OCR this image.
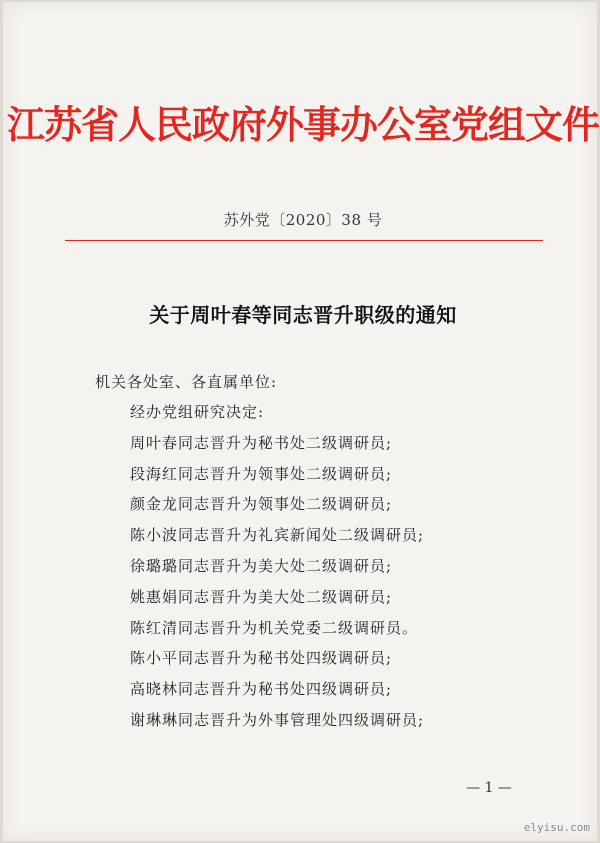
江苏省人民政府外事办公室党组文件
苏外党〔2020〕38 号
关于周叶春等同志晋升职级的通知
机关各处室、各直属单位:
经办党组研究决定:
周叶春同志晋升为秘书处二级调研员;
段海红同志晋升为领事处二级调研员;
颜金龙同志晋升为领事处二级调研员;
陈小波同志晋升为礼宾新闻处二级调研员;
徐璐璐同志晋升为美大处二级调研员;
姚惠娟同志晋升为美大处二级调研员;
陈红清同志晋升为机关党委二级调研员。
陈小平同志晋升为秘书处四级调研员;
高晓林同志晋升为秘书处四级调研员;
谢琳琳同志晋升为外事管理处四级调研员;
— 1 —
elyisu.com
